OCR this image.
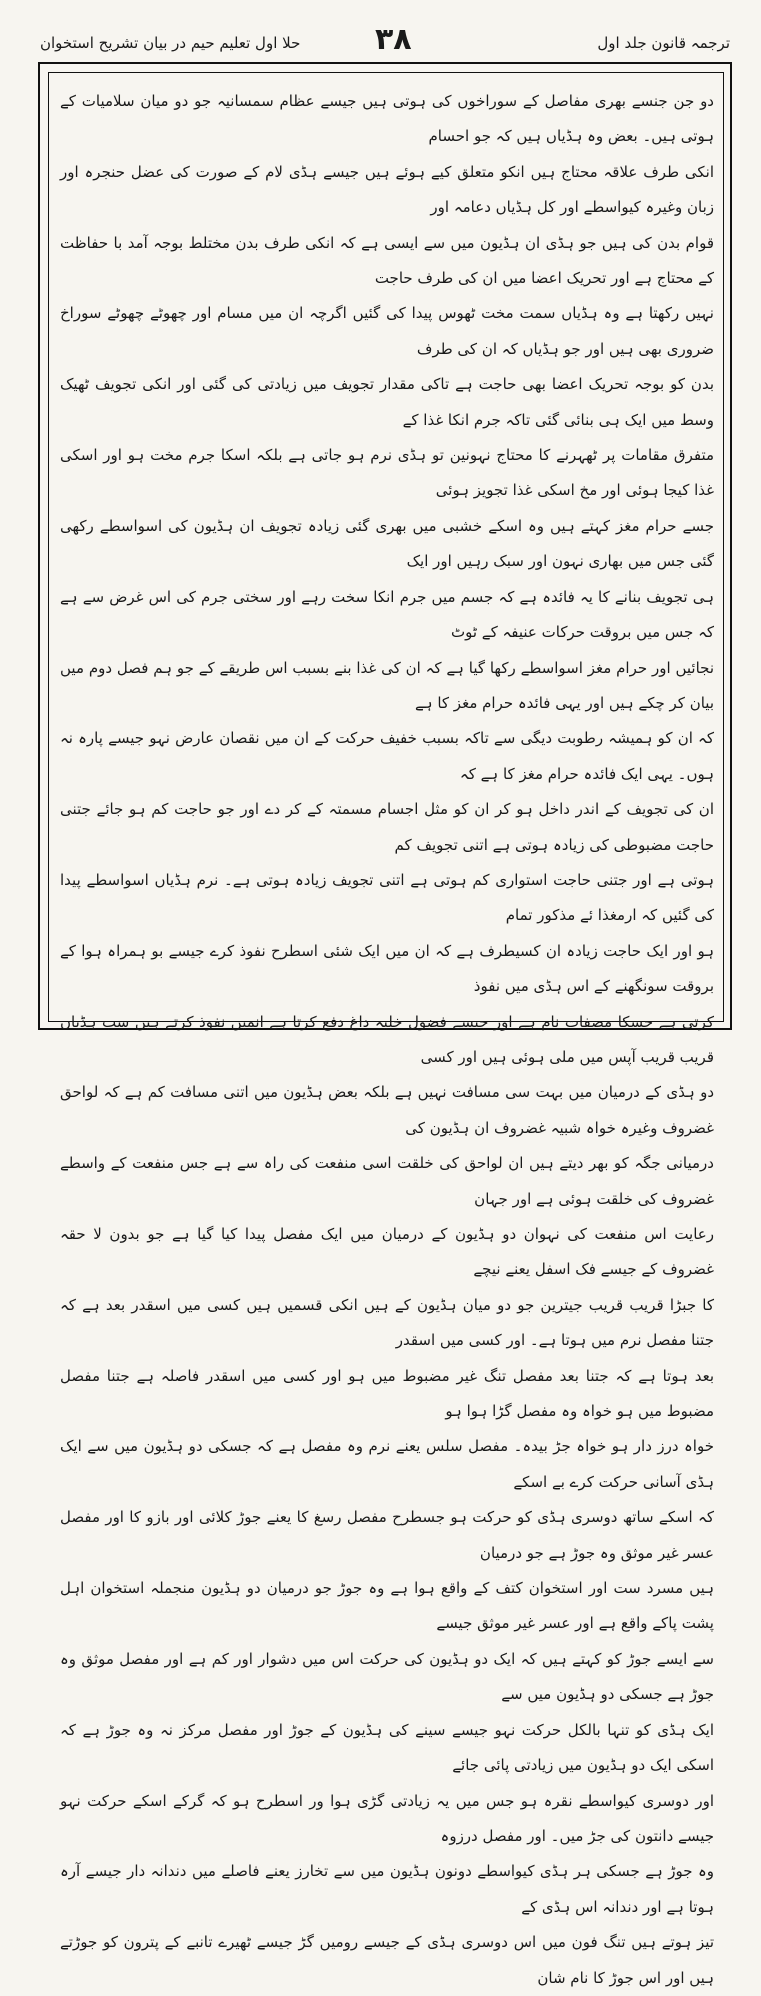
حلا اول تعلیم حیم در بیان تشریح استخوان ۳۸	ترجمہ قانون جلد اول

دو جن جنسے بھری مفاصل کے سوراخوں کی ہوتی ہیں جیسے عظام سمسانیہ جو دو میان سلامیات کے ہوتی ہیں۔ بعض وہ ہڈیاں ہیں کہ جو احسام

انکی طرف علاقہ محتاج ہیں انکو متعلق کیے ہوئے ہیں جیسے ہڈی لام کے صورت کی عضل حنجرہ اور زبان وغیرہ کیواسطے اور کل ہڈیاں دعامہ اور

قوام بدن کی ہیں جو ہڈی ان ہڈیون میں سے ایسی ہے کہ انکی طرف بدن مختلط بوجہ آمد با حفاظت کے محتاج ہے اور تحریک اعضا میں ان کی طرف حاجت

نہیں رکھتا ہے وہ ہڈیاں سمت مخت ٹھوس پیدا کی گئیں اگرچہ ان میں مسام اور چھوٹے چھوٹے سوراخ ضروری بھی ہیں اور جو ہڈیاں کہ ان کی طرف

بدن کو بوجہ تحریک اعضا بھی حاجت ہے تاکی مقدار تجویف میں زیادتی کی گئی اور انکی تجویف ٹھیک وسط میں ایک ہی بنائی گئی تاکہ جرم انکا غذا کے

متفرق مقامات پر ٹھہرنے کا محتاج نہونین تو ہڈی نرم ہو جاتی ہے بلکہ اسکا جرم مخت ہو اور اسکی غذا کیجا ہوئی اور مخ اسکی غذا تجویز ہوئی

جسے حرام مغز کہتے ہیں وہ اسکے خشبی میں بھری گئی زیادہ تجویف ان ہڈیون کی اسواسطے رکھی گئی جس میں بھاری نہون اور سبک رہیں اور ایک

ہی تجویف بنانے کا یہ فائدہ ہے کہ جسم میں جرم انکا سخت رہے اور سختی جرم کی اس غرض سے ہے کہ جس میں بروقت حرکات عنیفہ کے ٹوٹ

نجائیں اور حرام مغز اسواسطے رکھا گیا ہے کہ ان کی غذا بنے بسبب اس طریقے کے جو ہم فصل دوم میں بیان کر چکے ہیں اور یہی فائدہ حرام مغز کا ہے

کہ ان کو ہمیشہ رطوبت دیگی سے تاکہ بسبب خفیف حرکت کے ان میں نقصان عارض نہو جیسے پارہ نہ ہوں۔ یہی ایک فائدہ حرام مغز کا ہے کہ

ان کی تجویف کے اندر داخل ہو کر ان کو مثل اجسام مسمتہ کے کر دے اور جو حاجت کم ہو جائے جتنی حاجت مضبوطی کی زیادہ ہوتی ہے اتنی تجویف کم

ہوتی ہے اور جتنی حاجت استواری کم ہوتی ہے اتنی تجویف زیادہ ہوتی ہے۔ نرم ہڈیاں اسواسطے پیدا کی گئیں کہ ارمغذا ئے مذکور تمام

ہو اور ایک حاجت زیادہ ان کسیطرف ہے کہ ان میں ایک شئی اسطرح نفوذ کرے جیسے بو ہمراہ ہوا کے بروقت سونگھنے کے اس ہڈی میں نفوذ

کرتی ہے جسکا مصفات نام ہے اور جیسے فضول خلیہ داغ دفع کرتا ہے انمیں نفوذ کرتے ہیں سب ہڈیاں قریب قریب آپس میں ملی ہوئی ہیں اور کسی

دو ہڈی کے درمیان میں بہت سی مسافت نہیں ہے بلکہ بعض ہڈیون میں اتنی مسافت کم ہے کہ لواحق غضروف وغیرہ خواہ شبیہ غضروف ان ہڈیون کی

درمیانی جگہ کو بھر دیتے ہیں ان لواحق کی خلقت اسی منفعت کی راہ سے ہے جس منفعت کے واسطے غضروف کی خلقت ہوئی ہے اور جہان

رعایت اس منفعت کی نہوان دو ہڈیون کے درمیان میں ایک مفصل پیدا کیا گیا ہے جو بدون لا حقہ غضروف کے جیسے فک اسفل یعنے نیچے

کا جبڑا قریب قریب جیترین جو دو میان ہڈیون کے ہیں انکی قسمیں ہیں کسی میں اسقدر بعد ہے کہ جتنا مفصل نرم میں ہوتا ہے۔ اور کسی میں اسقدر

بعد ہوتا ہے کہ جتنا بعد مفصل تنگ غیر مضبوط میں ہو اور کسی میں اسقدر فاصلہ ہے جتنا مفصل مضبوط میں ہو خواہ وہ مفصل گڑا ہوا ہو

خواہ درز دار ہو خواہ جڑ بیدہ۔ مفصل سلس یعنے نرم وہ مفصل ہے کہ جسکی دو ہڈیون میں سے ایک ہڈی آسانی حرکت کرے بے اسکے

کہ اسکے ساتھ دوسری ہڈی کو حرکت ہو جسطرح مفصل رسغ کا یعنے جوڑ کلائی اور بازو کا اور مفصل عسر غیر موثق وہ جوڑ ہے جو درمیان

ہیں مسرد ست اور استخوان کتف کے واقع ہوا ہے وہ جوڑ جو درمیان دو ہڈیون منجملہ استخوان اہل پشت پاکے واقع ہے اور عسر غیر موثق جیسے

سے ایسے جوڑ کو کہتے ہیں کہ ایک دو ہڈیون کی حرکت اس میں دشوار اور کم ہے اور مفصل موثق وہ جوڑ ہے جسکی دو ہڈیون میں سے

ایک ہڈی کو تنہا بالکل حرکت نہو جیسے سینے کی ہڈیون کے جوڑ اور مفصل مرکز نہ وہ جوڑ ہے کہ اسکی ایک دو ہڈیون میں زیادتی پائی جائے

اور دوسری کیواسطے نقرہ ہو جس میں یہ زیادتی گڑی ہوا ور اسطرح ہو کہ گرکے اسکے حرکت نہو جیسے دانتون کی جڑ میں۔ اور مفصل درزوہ

وہ جوڑ ہے جسکی ہر ہڈی کیواسطے دونون ہڈیون میں سے تخارز یعنے فاصلے میں دندانہ دار جیسے آرہ ہوتا ہے اور دندانہ اس ہڈی کے

تیز ہوتے ہیں تنگ فون میں اس دوسری ہڈی کے جیسے رومیں گڑ جیسے ٹھیرے تانبے کے پترون کو جوڑتے ہیں اور اس جوڑ کا نام شان
